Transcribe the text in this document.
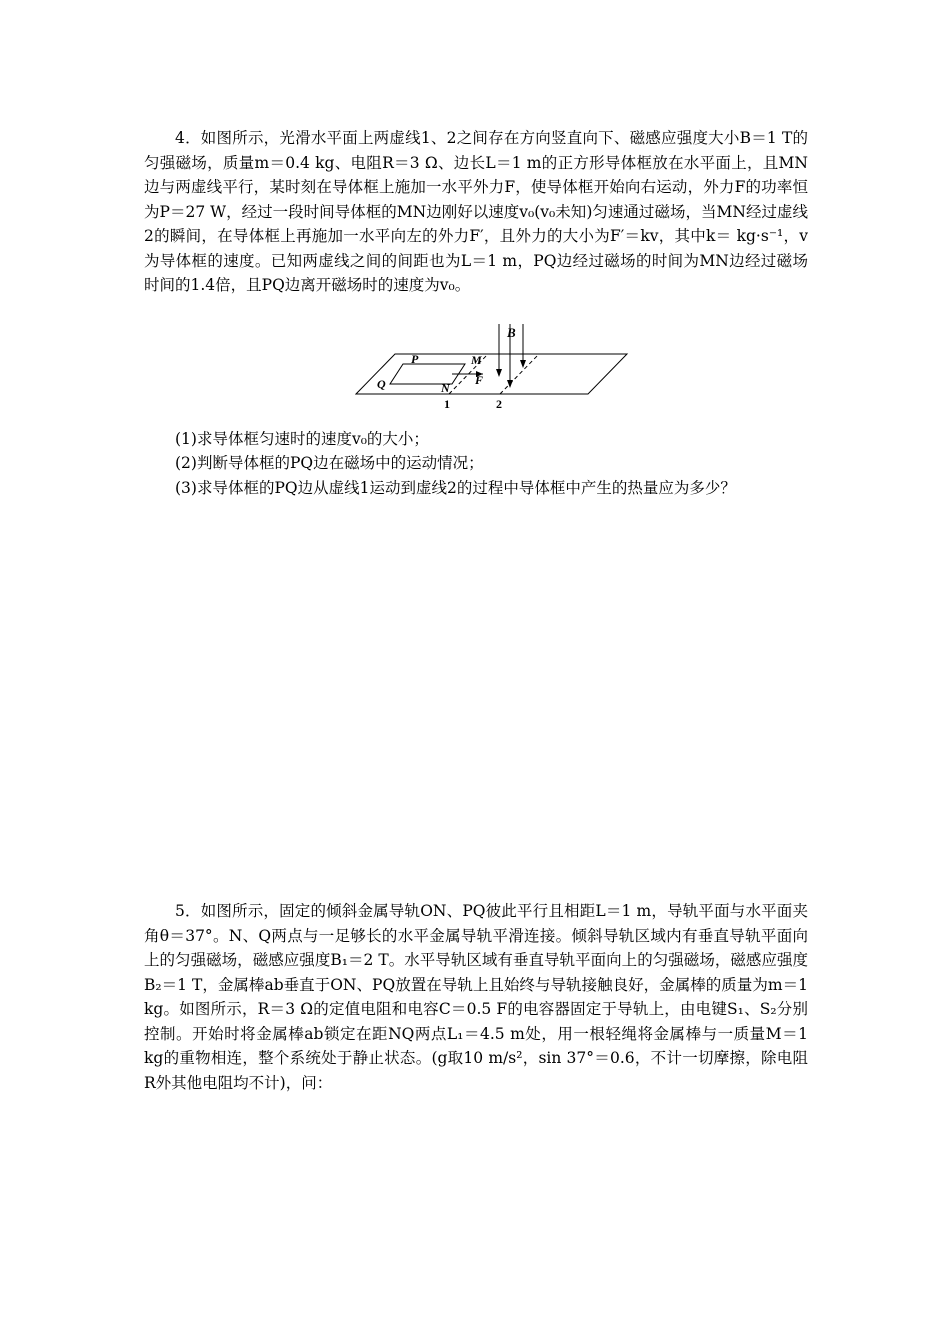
4．如图所示，光滑水平面上两虚线1、2之间存在方向竖直向下、磁感应强度大小B＝1 T的匀强磁场，质量m＝0.4 kg、电阻R＝3 Ω、边长L＝1 m的正方形导体框放在水平面上，且MN边与两虚线平行，某时刻在导体框上施加一水平外力F，使导体框开始向右运动，外力F的功率恒为P＝27 W，经过一段时间导体框的MN边刚好以速度v₀(v₀未知)匀速通过磁场，当MN经过虚线2的瞬间，在导体框上再施加一水平向左的外力F′，且外力的大小为F′＝kv，其中k＝ kg·s⁻¹，v为导体框的速度。已知两虚线之间的间距也为L＝1 m，PQ边经过磁场的时间为MN边经过磁场时间的1.4倍，且PQ边离开磁场时的速度为v₀。

B
P	M
Q	N
F
1	2

(1)求导体框匀速时的速度v₀的大小；

(2)判断导体框的PQ边在磁场中的运动情况；

(3)求导体框的PQ边从虚线1运动到虚线2的过程中导体框中产生的热量应为多少？

5．如图所示，固定的倾斜金属导轨ON、PQ彼此平行且相距L＝1 m，导轨平面与水平面夹角θ＝37°。N、Q两点与一足够长的水平金属导轨平滑连接。倾斜导轨区域内有垂直导轨平面向上的匀强磁场，磁感应强度B₁＝2 T。水平导轨区域有垂直导轨平面向上的匀强磁场，磁感应强度B₂＝1 T，金属棒ab垂直于ON、PQ放置在导轨上且始终与导轨接触良好，金属棒的质量为m＝1 kg。如图所示，R＝3 Ω的定值电阻和电容C＝0.5 F的电容器固定于导轨上，由电键S₁、S₂分别控制。开始时将金属棒ab锁定在距NQ两点L₁＝4.5 m处，用一根轻绳将金属棒与一质量M＝1 kg的重物相连，整个系统处于静止状态。(g取10 m/s²，sin 37°＝0.6，不计一切摩擦，除电阻R外其他电阻均不计)，问：
